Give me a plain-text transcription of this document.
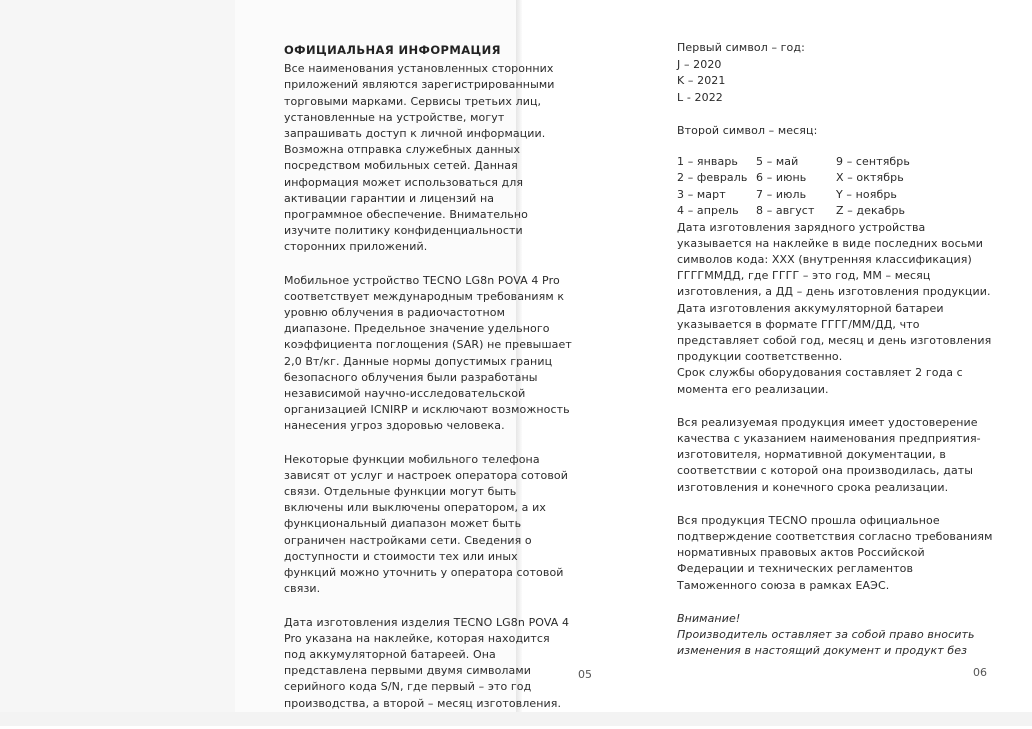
ОФИЦИАЛЬНАЯ ИНФОРМАЦИЯ

Все наименования установленных сторонних приложений являются зарегистрированными торговыми марками. Сервисы третьих лиц, установленные на устройстве, могут запрашивать доступ к личной информации. Возможна отправка служебных данных посредством мобильных сетей. Данная информация может использоваться для активации гарантии и лицензий на программное обеспечение. Внимательно изучите политику конфиденциальности сторонних приложений.

Мобильное устройство TECNO LG8n POVA 4 Pro соответствует международным требованиям к уровню облучения в радиочастотном диапазоне. Предельное значение удельного коэффициента поглощения (SAR) не превышает 2,0 Вт/кг. Данные нормы допустимых границ безопасного облучения были разработаны независимой научно-исследовательской организацией ICNIRP и исключают возможность нанесения угроз здоровью человека.

Некоторые функции мобильного телефона зависят от услуг и настроек оператора сотовой связи. Отдельные функции могут быть включены или выключены оператором, а их функциональный диапазон может быть ограничен настройками сети. Сведения о доступности и стоимости тех или иных функций можно уточнить у оператора сотовой связи.

Дата изготовления изделия TECNO LG8n POVA 4 Pro указана на наклейке, которая находится под аккумуляторной батареей. Она представлена первыми двумя символами серийного кода S/N, где первый – это год производства, а второй – месяц изготовления.

05
Первый символ – год:
J – 2020
K – 2021
L - 2022
Второй символ – месяц:
1 – январь	5 – май	9 – сентябрь
2 – февраль 6 – июнь	X – октябрь
3 – март	7 – июль	Y – ноябрь
4 – апрель	8 – август	Z – декабрь

Дата изготовления зарядного устройства указывается на наклейке в виде последних восьми символов кода: XXX (внутренняя классификация) ГГГГММДД, где ГГГГ – это год, ММ – месяц изготовления, а ДД – день изготовления продукции. Дата изготовления аккумуляторной батареи указывается в формате ГГГГ/ММ/ДД, что представляет собой год, месяц и день изготовления продукции соответственно.

Срок службы оборудования составляет 2 года с момента его реализации.

Вся реализуемая продукция имеет удостоверение качества с указанием наименования предприятия-изготовителя, нормативной документации, в соответствии с которой она производилась, даты изготовления и конечного срока реализации.

Вся продукция TECNO прошла официальное подтверждение соответствия согласно требованиям нормативных правовых актов Российской Федерации и технических регламентов Таможенного союза в рамках ЕАЭС.

Внимание!
Производитель оставляет за собой право вносить изменения в настоящий документ и продукт без
06
